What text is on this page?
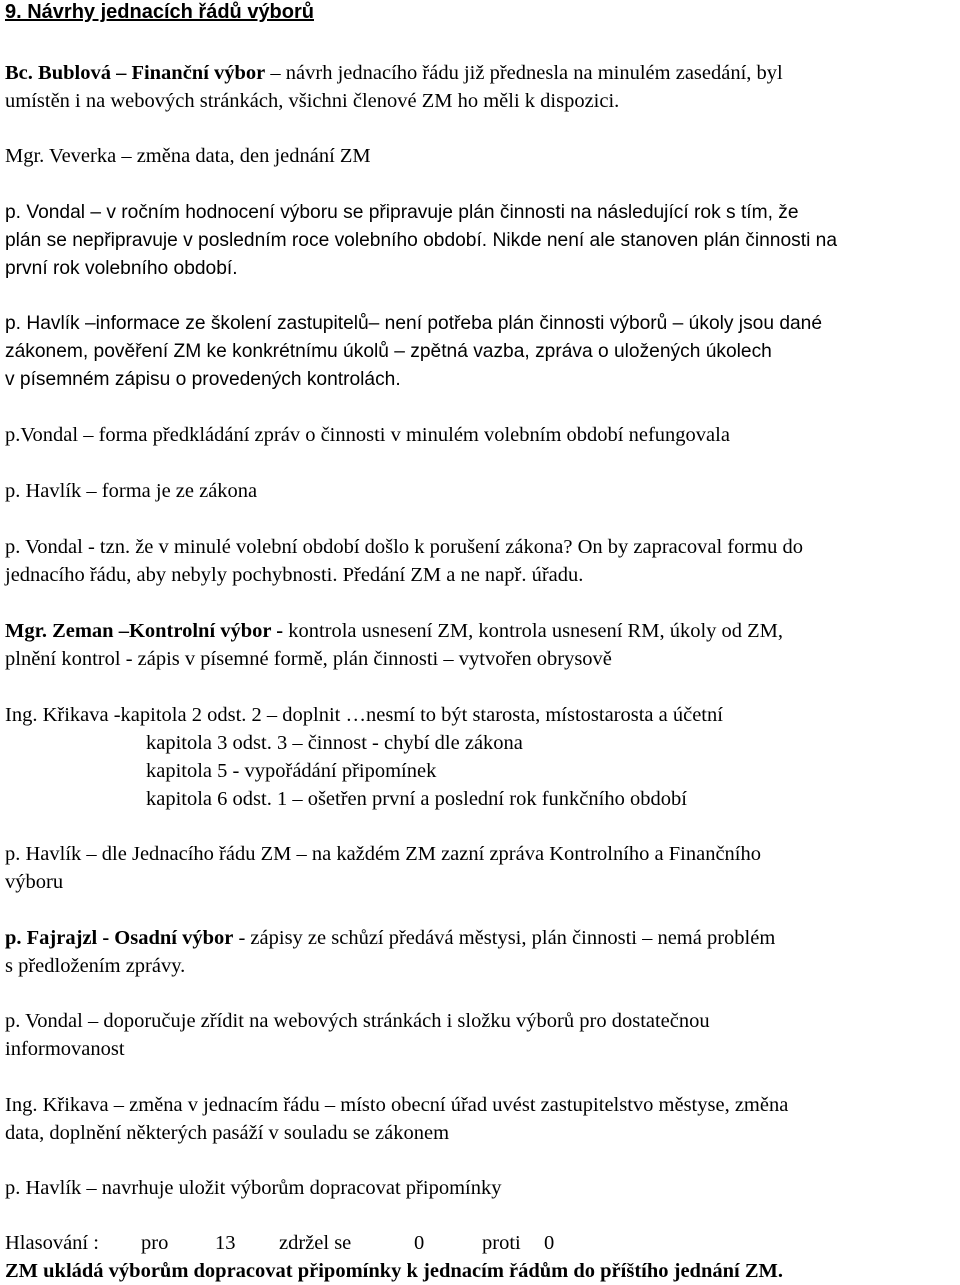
9. Návrhy jednacích řádů výborů
Bc. Bublová – Finanční výbor – návrh jednacího řádu již přednesla na minulém zasedání, byl
umístěn i na webových stránkách, všichni členové ZM ho měli k dispozici.
Mgr. Veverka – změna data, den jednání ZM
p. Vondal – v ročním hodnocení výboru se připravuje plán činnosti na následující rok s tím, že
plán se nepřipravuje v posledním roce volebního období. Nikde není ale stanoven plán činnosti na
první rok volebního období.
p. Havlík –informace ze školení zastupitelů– není potřeba plán činnosti výborů – úkoly jsou dané
zákonem, pověření ZM ke konkrétnímu úkolů – zpětná vazba, zpráva o uložených úkolech
v písemném zápisu o provedených kontrolách.
p.Vondal – forma předkládání zpráv o činnosti v minulém volebním období nefungovala
p. Havlík – forma je ze zákona
p. Vondal - tzn. že v minulé volební období došlo k porušení zákona? On by zapracoval formu do
jednacího řádu, aby nebyly pochybnosti. Předání ZM a ne např. úřadu.
Mgr. Zeman –Kontrolní výbor - kontrola usnesení ZM, kontrola usnesení RM, úkoly od ZM,
plnění kontrol - zápis v písemné formě, plán činnosti – vytvořen obrysově
Ing. Křikava -kapitola 2 odst. 2 – doplnit …nesmí to být starosta, místostarosta a účetní
kapitola 3 odst. 3 – činnost - chybí dle zákona
kapitola 5 - vypořádání připomínek
kapitola 6 odst. 1 – ošetřen první a poslední rok funkčního období
p. Havlík – dle Jednacího řádu ZM – na každém ZM zazní zpráva Kontrolního a Finančního
výboru
p. Fajrajzl - Osadní výbor - zápisy ze schůzí předává městysi, plán činnosti – nemá problém
s předložením zprávy.
p. Vondal – doporučuje zřídit na webových stránkách i složku výborů pro dostatečnou
informovanost
Ing. Křikava – změna v jednacím řádu – místo obecní úřad uvést zastupitelstvo městyse, změna
data, doplnění některých pasáží v souladu se zákonem
p. Havlík – navrhuje uložit výborům dopracovat připomínky
Hlasování : pro 13 zdržel se	0	proti 0
ZM ukládá výborům dopracovat připomínky k jednacím řádům do příštího jednání ZM.
